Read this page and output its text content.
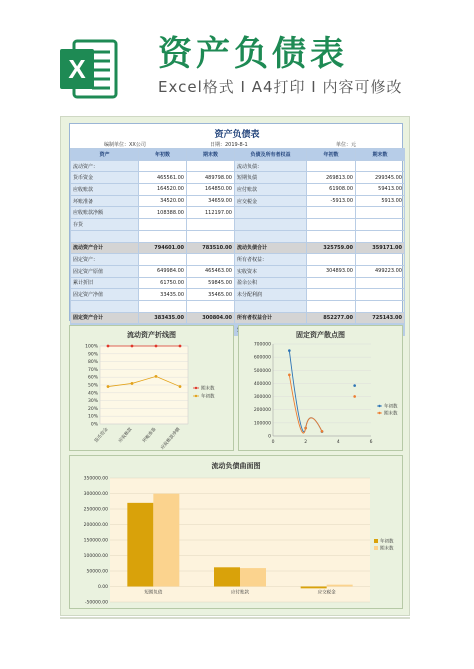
X 资产负债表
Excel格式 I A4打印 I 内容可修改
资产负债表
编制单位：XX公司	日期：2019-8-1	单位：元
资产	年初数	期末数	负债及所有者权益	年初数	期末数
流动资产：			流动负债：		
货币资金	465561.00	489798.00	短期负债	269813.00	299345.00
应收账款	164520.00	164850.00	应付账款	61908.00	59413.00
坏账准备	34520.00	34659.00	应交税金	-5913.00	5913.00
应收账款净额	108388.00	112197.00			
存货					

流动资产合计	794601.00	783510.00	流动负债合计	325759.00	359171.00
固定资产：			所有者权益：		
固定资产原值	649984.00	465463.00	实收资本	304893.00	499223.00
累计折旧	61750.00	59845.00	盈余公积		
固定资产净值	33435.00	35465.00	未分配利润		

固定资产合计	383435.00	300804.00	所有者权益合计	852277.00	725143.00

流动资产折线图
0%
10%
20%
30%
40%
50%
60%
70%
80%
90%
100%
期末数
年初数
货币资金	应收账款	坏账准备 应收账款净额
固定资产散点图
0
100000
200000
300000
400000
500000
600000
700000
0	2	4	6
年初数
期末数
流动负债曲面图
-50000.00
0.00
50000.00
100000.00
150000.00
200000.00
250000.00
300000.00
350000.00
短期负债	应付账款	应交税金
年初数
期末数
